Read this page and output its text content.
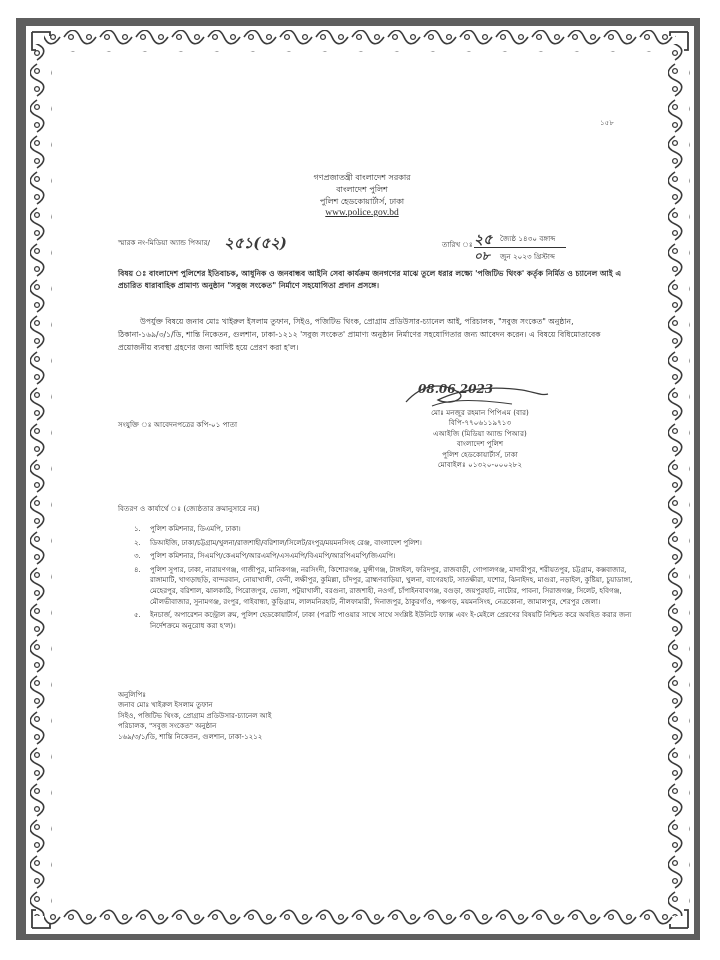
১৫৮
গণপ্রজাতন্ত্রী বাংলাদেশ সরকার
বাংলাদেশ পুলিশ
পুলিশ হেডকোয়ার্টার্স, ঢাকা
www.police.gov.bd
স্মারক নং-মিডিয়া অ্যান্ড পিআর/ ২৫১(৫২)	তারিখ ঃ ২৫ জ্যৈষ্ঠ ১৪৩০ বঙ্গাব্দ
০৮ জুন ২০২৩ খ্রিস্টাব্দ
বিষয় ঃ বাংলাদেশ পুলিশের ইতিবাচক, আধুনিক ও জনবান্ধব আইনি সেবা কার্যক্রম জনগণের মাঝে তুলে ধরার লক্ষ্যে 'পজিটিভ থিংক' কর্তৃক নির্মিত ও চ্যানেল আই এ প্রচারিত ধারাবাহিক প্রামাণ্য অনুষ্ঠান "সবুজ সংকেত" নির্মাণে সহযোগিতা প্রদান প্রসঙ্গে।
উপর্যুক্ত বিষয়ে জনাব মোঃ খাইরুল ইসলাম তুফান, সিইও, পজিটিভ থিংক, প্রোগ্রাম প্রডিউসার-চ্যানেল আই, পরিচালক, "সবুজ সংকেত" অনুষ্ঠান, ঠিকানা-১৬৯/৩/১/ডি, শান্তি নিকেতন, গুলশান, ঢাকা-১২১২ 'সবুজ সংকেত' প্রামাণ্য অনুষ্ঠান নির্মাণের সহযোগিতার জন্য আবেদন করেন। এ বিষয়ে বিধিমোতাবেক প্রয়োজনীয় ব্যবস্থা গ্রহণের জন্য আদিষ্ট হয়ে প্রেরণ করা হ'ল।
08.06.2023
সংযুক্তি ঃ আবেদনপত্রের কপি-০১ পাতা
মোঃ মনজুর রহমান পিপিএম (বার)
বিপি-৭৭০৬১১৯৭১৩
এআইজি (মিডিয়া অ্যান্ড পিআর)
বাংলাদেশ পুলিশ
পুলিশ হেডকোয়ার্টার্স, ঢাকা
মোবাইলঃ ০১৩২০-০০০২৮২
বিতরণ ও কার্যার্থে ঃ (জ্যেষ্ঠতার ক্রমানুসারে নয়)
১.	পুলিশ কমিশনার, ডিএমপি, ঢাকা।
২.	ডিআইজি, ঢাকা/চট্টগ্রাম/খুলনা/রাজশাহী/বরিশাল/সিলেট/রংপুর/ময়মনসিংহ রেঞ্জ, বাংলাদেশ পুলিশ।
৩.	পুলিশ কমিশনার, সিএমপি/কেএমপি/আরএমপি/এসএমপি/বিএমপি/আরপিএমপি/জিএমপি।
৪.	পুলিশ সুপার, ঢাকা, নারায়ণগঞ্জ, গাজীপুর, মানিকগঞ্জ, নরসিংদী, কিশোরগঞ্জ, মুন্সীগঞ্জ, টাঙ্গাইল, ফরিদপুর, রাজবাড়ী, গোপালগঞ্জ, মাদারীপুর, শরীয়তপুর, চট্টগ্রাম, কক্সবাজার, রাঙ্গামাটি, খাগড়াছড়ি, বান্দরবান, নোয়াখালী, ফেনী, লক্ষীপুর, কুমিল্লা, চাঁদপুর, ব্রাহ্মণবাড়িয়া, খুলনা, বাগেরহাট, সাতক্ষীরা, যশোর, ঝিনাইদহ, মাগুরা, নড়াইল, কুষ্টিয়া, চুয়াডাঙ্গা, মেহেরপুর, বরিশাল, ঝালকাঠি, পিরোজপুর, ভোলা, পটুয়াখালী, বরগুনা, রাজশাহী, নওগাঁ, চাঁপাইনবাবগঞ্জ, বগুড়া, জয়পুরহাট, নাটোর, পাবনা, সিরাজগঞ্জ, সিলেট, হবিগঞ্জ, মৌলভীবাজার, সুনামগঞ্জ, রংপুর, গাইবান্ধা, কুড়িগ্রাম, লালমনিরহাট, নীলফামারী, দিনাজপুর, ঠাকুরগাঁও, পঞ্চগড়, ময়মনসিংহ, নেত্রকোনা, জামালপুর, শেরপুর জেলা।
৫.	ইনচার্জ, অপারেশন কন্ট্রোল রুম, পুলিশ হেডকোয়ার্টার্স, ঢাকা (পত্রটি পাওয়ার সাথে সাথে সংশ্লিষ্ট ইউনিটে ফ্যাক্স এবং ই-মেইলে প্রেরণের বিষয়টি নিশ্চিত করে অবহিত করার জন্য নির্দেশক্রমে অনুরোধ করা হ'ল)।
অনুলিপিঃ
জনাব মোঃ খাইরুল ইসলাম তুফান
সিইও, পজিটিভ থিংক, প্রোগ্রাম প্রডিউসার-চ্যানেল আই
পরিচালক, "সবুজ সংকেত" অনুষ্ঠান
১৬৯/৩/১/ডি, শান্তি নিকেতন, গুলশান, ঢাকা-১২১২
